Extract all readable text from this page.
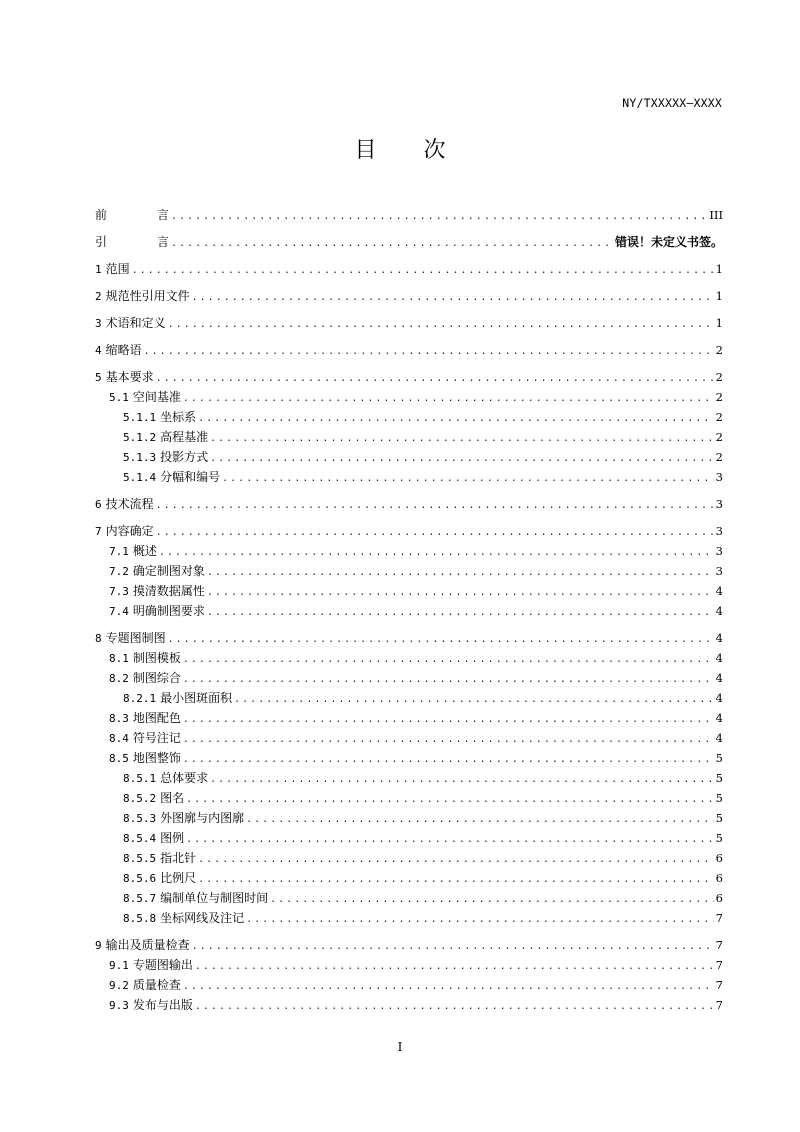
NY/TXXXXX—XXXX
目 次
前	言 .....	III
引	言 .....	错误！未定义书签。
1 范围 .....	1
2 规范性引用文件 .....	1
3 术语和定义 .....	1
4 缩略语 .....	2
5 基本要求 .....	2
5.1 空间基准 .....	2
5.1.1 坐标系 .....	2
5.1.2 高程基准 .....	2
5.1.3 投影方式 .....	2
5.1.4 分幅和编号 .....	3
6 技术流程 .....	3
7 内容确定 .....	3
7.1 概述 .....	3
7.2 确定制图对象 .....	3
7.3 摸清数据属性 .....	4
7.4 明确制图要求 .....	4
8 专题图制图 .....	4
8.1 制图模板 .....	4
8.2 制图综合 .....	4
8.2.1 最小图斑面积 .....	4
8.3 地图配色 .....	4
8.4 符号注记 .....	4
8.5 地图整饰 .....	5
8.5.1 总体要求 .....	5
8.5.2 图名 .....	5
8.5.3 外图廓与内图廓 .....	5
8.5.4 图例 .....	5
8.5.5 指北针 .....	6
8.5.6 比例尺 .....	6
8.5.7 编制单位与制图时间 .....	6
8.5.8 坐标网线及注记 .....	7
9 输出及质量检查 .....	7
9.1 专题图输出 .....	7
9.2 质量检查 .....	7
9.3 发布与出版 .....	7
I
